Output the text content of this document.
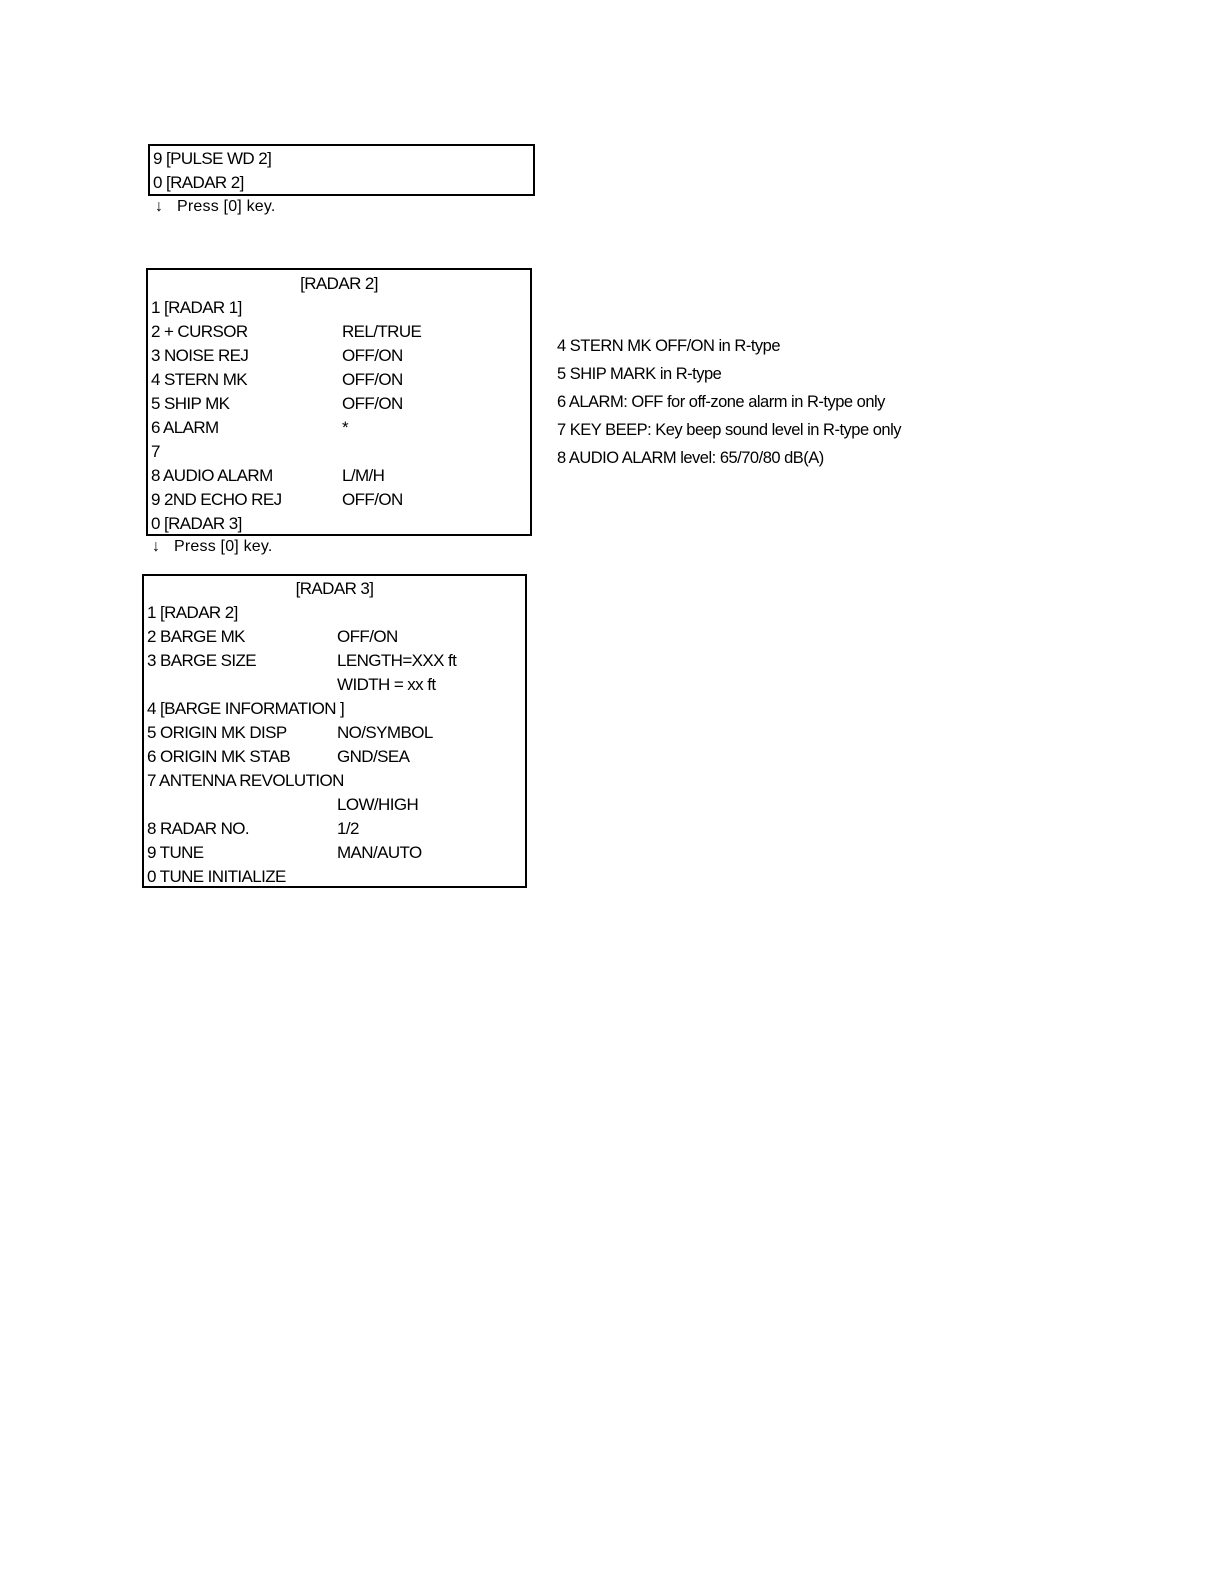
9 [PULSE WD 2]
0 [RADAR 2]
↓ Press [0] key.
[RADAR 2]
1 [RADAR 1]
2 + CURSOR	REL/TRUE
3 NOISE REJ	OFF/ON
4 STERN MK	OFF/ON
5 SHIP MK	OFF/ON
6 ALARM	*
7
8 AUDIO ALARM	L/M/H
9 2ND ECHO REJ	OFF/ON
0 [RADAR 3]
↓ Press [0] key.
[RADAR 3]
1 [RADAR 2]
2 BARGE MK	OFF/ON
3 BARGE SIZE	LENGTH=XXX ft
WIDTH = xx ft
4 [BARGE INFORMATION ]
5 ORIGIN MK DISP	NO/SYMBOL
6 ORIGIN MK STAB	GND/SEA
7 ANTENNA REVOLUTION
LOW/HIGH
8 RADAR NO.	1/2
9 TUNE	MAN/AUTO
0 TUNE INITIALIZE
4 STERN MK OFF/ON in R-type
5 SHIP MARK in R-type
6 ALARM: OFF for off-zone alarm in R-type only
7 KEY BEEP: Key beep sound level in R-type only
8 AUDIO ALARM level: 65/70/80 dB(A)
